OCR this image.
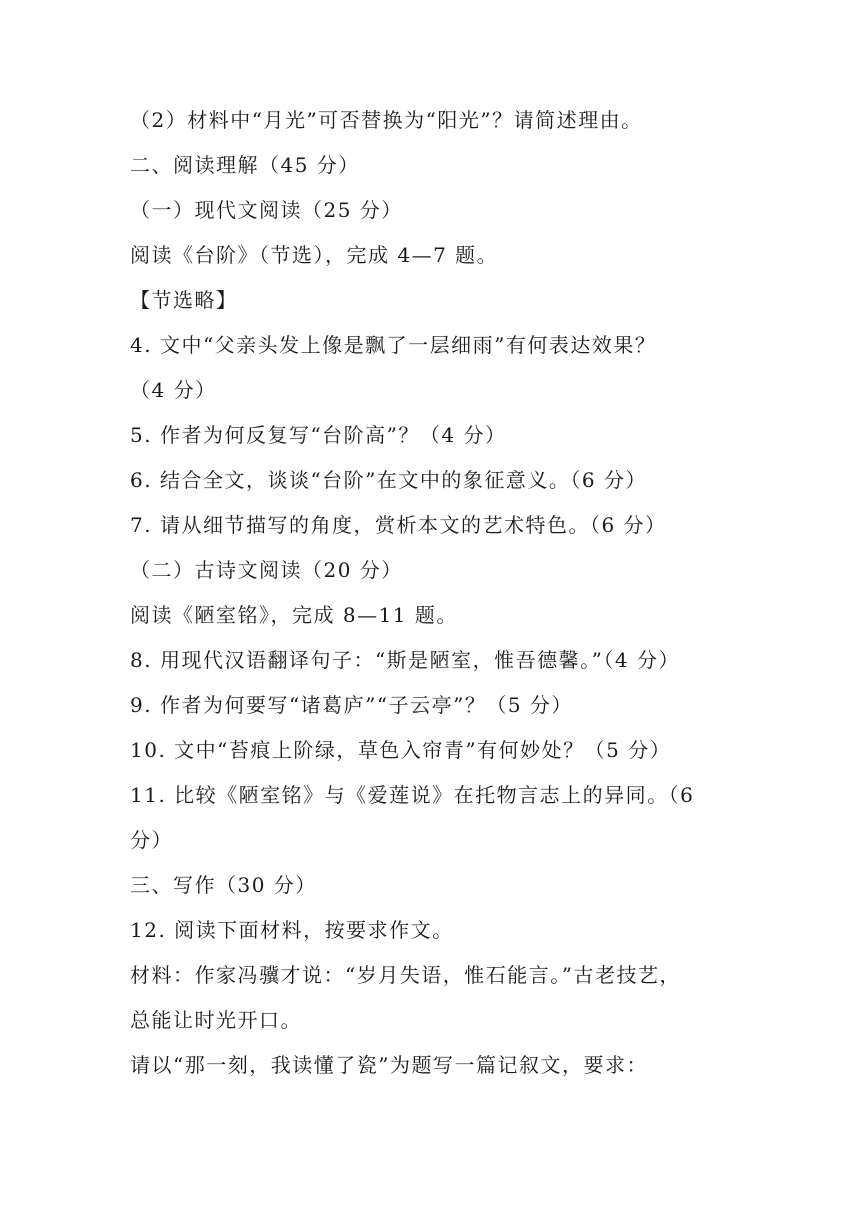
（2）材料中“月光”可否替换为“阳光”？请简述理由。
二、阅读理解（45 分）
（一）现代文阅读（25 分）
阅读《台阶》（节选），完成 4—7 题。
【节选略】
4. 文中“父亲头发上像是飘了一层细雨”有何表达效果？
（4 分）
5. 作者为何反复写“台阶高”？（4 分）
6. 结合全文，谈谈“台阶”在文中的象征意义。（6 分）
7. 请从细节描写的角度，赏析本文的艺术特色。（6 分）
（二）古诗文阅读（20 分）
阅读《陋室铭》，完成 8—11 题。
8. 用现代汉语翻译句子：“斯是陋室，惟吾德馨。”（4 分）
9. 作者为何要写“诸葛庐”“子云亭”？（5 分）
10. 文中“苔痕上阶绿，草色入帘青”有何妙处？（5 分）
11. 比较《陋室铭》与《爱莲说》在托物言志上的异同。（6
分）
三、写作（30 分）
12. 阅读下面材料，按要求作文。
材料：作家冯骥才说：“岁月失语，惟石能言。”古老技艺，
总能让时光开口。
请以“那一刻，我读懂了瓷”为题写一篇记叙文，要求：
